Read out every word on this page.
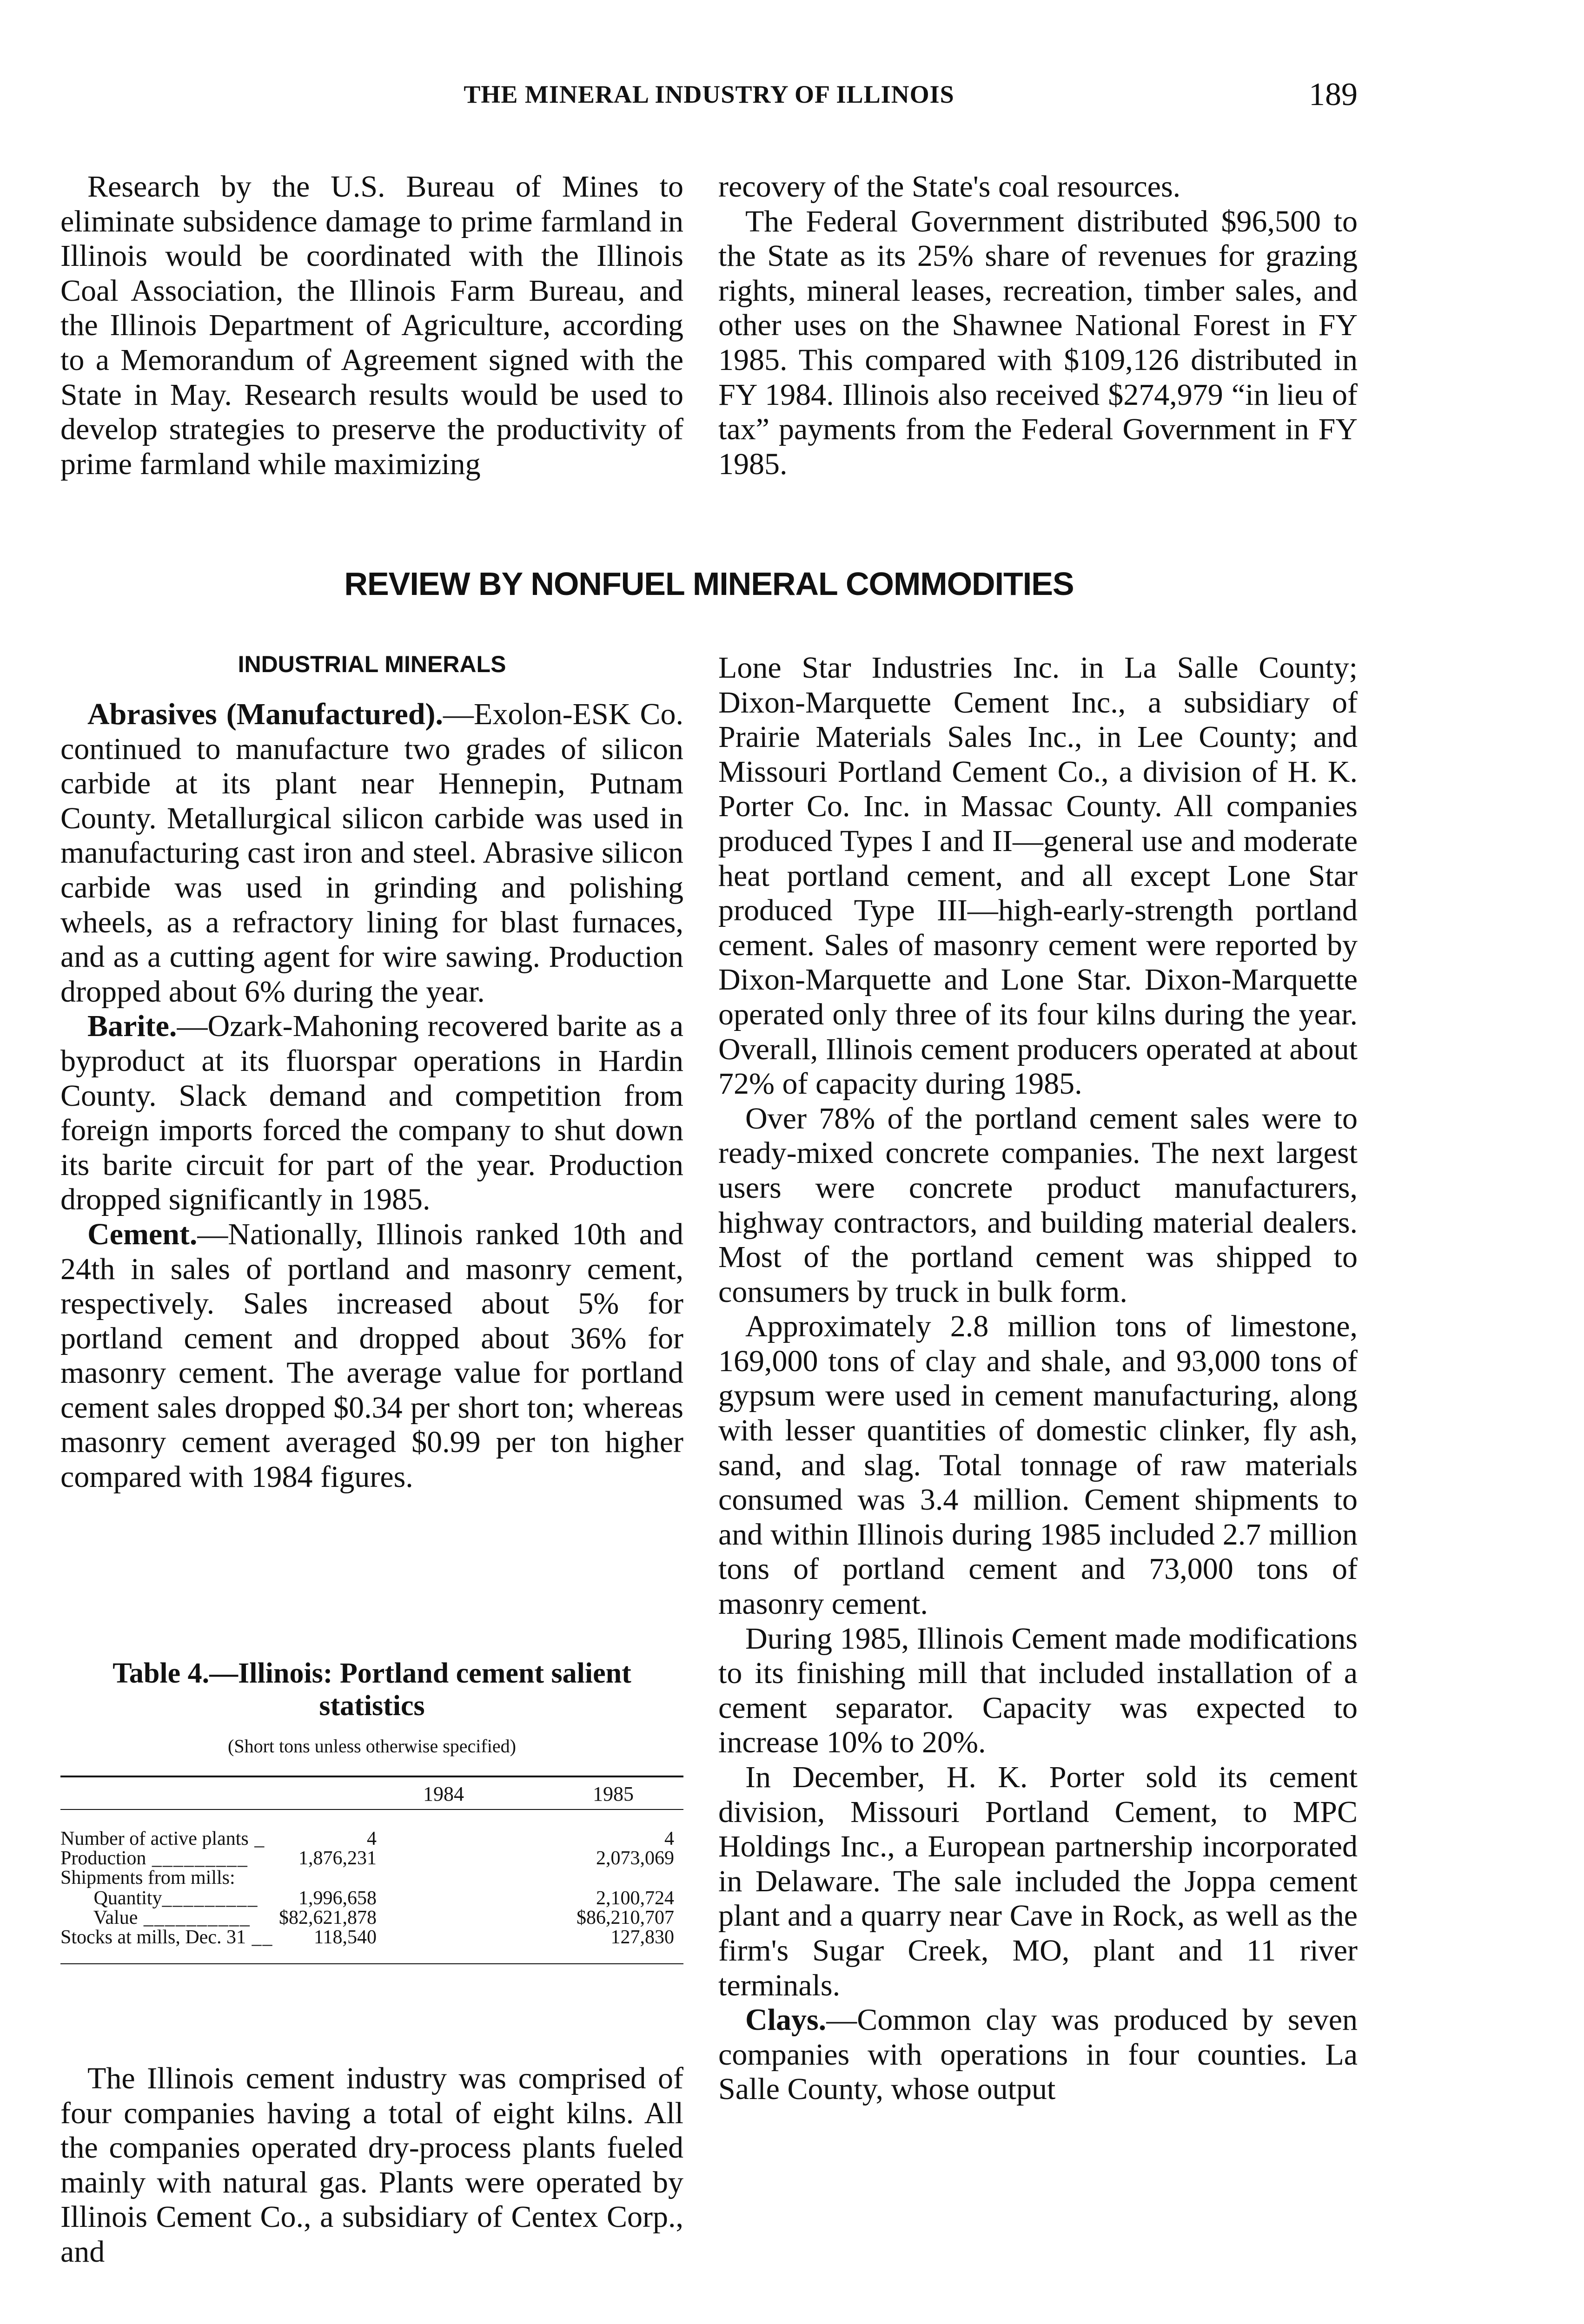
THE MINERAL INDUSTRY OF ILLINOIS	189

Research by the U.S. Bureau of Mines to eliminate subsidence damage to prime farmland in Illinois would be coordinated with the Illinois Coal Association, the Illinois Farm Bureau, and the Illinois Department of Agriculture, according to a Memorandum of Agreement signed with the State in May. Research results would be used to develop strategies to preserve the productivity of prime farmland while maximizing

recovery of the State's coal resources.

The Federal Government distributed $96,500 to the State as its 25% share of revenues for grazing rights, mineral leases, recreation, timber sales, and other uses on the Shawnee National Forest in FY 1985. This compared with $109,126 distributed in FY 1984. Illinois also received $274,979 “in lieu of tax” payments from the Federal Government in FY 1985.

REVIEW BY NONFUEL MINERAL COMMODITIES
INDUSTRIAL MINERALS

Abrasives (Manufactured).—Exolon-ESK Co. continued to manufacture two grades of silicon carbide at its plant near Hennepin, Putnam County. Metallurgical silicon carbide was used in manufacturing cast iron and steel. Abrasive silicon carbide was used in grinding and polishing wheels, as a refractory lining for blast furnaces, and as a cutting agent for wire sawing. Production dropped about 6% during the year.

Barite.—Ozark-Mahoning recovered barite as a byproduct at its fluorspar operations in Hardin County. Slack demand and competition from foreign imports forced the company to shut down its barite circuit for part of the year. Production dropped significantly in 1985.

Cement.—Nationally, Illinois ranked 10th and 24th in sales of portland and masonry cement, respectively. Sales increased about 5% for portland cement and dropped about 36% for masonry cement. The average value for portland cement sales dropped $0.34 per short ton; whereas masonry cement averaged $0.99 per ton higher compared with 1984 figures.

Table 4.—Illinois: Portland cement salient statistics
(Short tons unless otherwise specified)
1984	1985
Number of active plants _	4	4
Production _________	1,876,231	2,073,069
Shipments from mills:
Quantity_________ 1,996,658	2,100,724
Value __________ $82,621,878	$86,210,707
Stocks at mills, Dec. 31 __ 118,540	127,830

The Illinois cement industry was comprised of four companies having a total of eight kilns. All the companies operated dry-process plants fueled mainly with natural gas. Plants were operated by Illinois Cement Co., a subsidiary of Centex Corp., and

Lone Star Industries Inc. in La Salle County; Dixon-Marquette Cement Inc., a subsidiary of Prairie Materials Sales Inc., in Lee County; and Missouri Portland Cement Co., a division of H. K. Porter Co. Inc. in Massac County. All companies produced Types I and II—general use and moderate heat portland cement, and all except Lone Star produced Type III—high-early-strength portland cement. Sales of masonry cement were reported by Dixon-Marquette and Lone Star. Dixon-Marquette operated only three of its four kilns during the year. Overall, Illinois cement producers operated at about 72% of capacity during 1985.

Over 78% of the portland cement sales were to ready-mixed concrete companies. The next largest users were concrete product manufacturers, highway contractors, and building material dealers. Most of the portland cement was shipped to consumers by truck in bulk form.

Approximately 2.8 million tons of limestone, 169,000 tons of clay and shale, and 93,000 tons of gypsum were used in cement manufacturing, along with lesser quantities of domestic clinker, fly ash, sand, and slag. Total tonnage of raw materials consumed was 3.4 million. Cement shipments to and within Illinois during 1985 included 2.7 million tons of portland cement and 73,000 tons of masonry cement.

During 1985, Illinois Cement made modifications to its finishing mill that included installation of a cement separator. Capacity was expected to increase 10% to 20%.

In December, H. K. Porter sold its cement division, Missouri Portland Cement, to MPC Holdings Inc., a European partnership incorporated in Delaware. The sale included the Joppa cement plant and a quarry near Cave in Rock, as well as the firm's Sugar Creek, MO, plant and 11 river terminals.

Clays.—Common clay was produced by seven companies with operations in four counties. La Salle County, whose output
